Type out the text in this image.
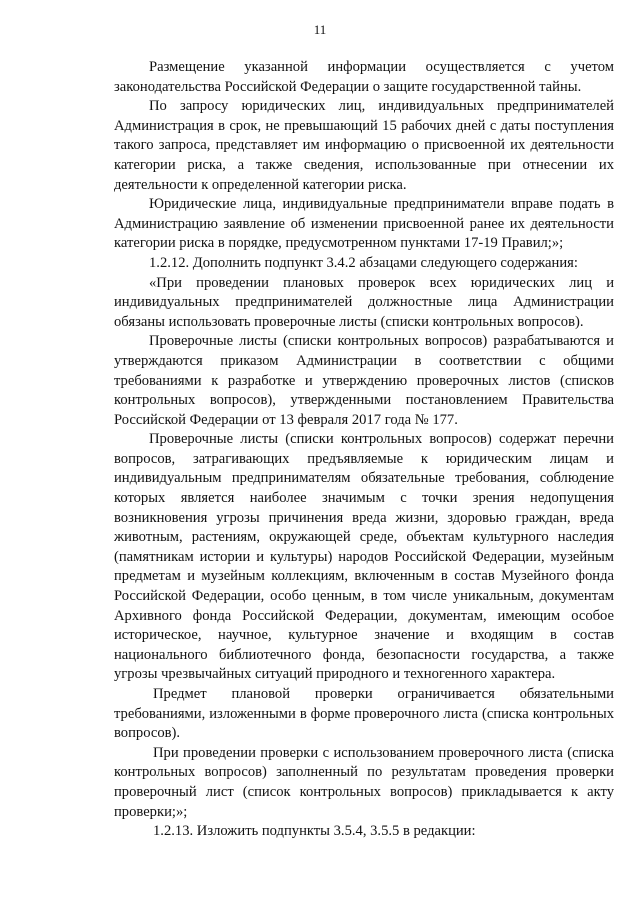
11

Размещение указанной информации осуществляется с учетом законодательства Российской Федерации о защите государственной тайны.

По запросу юридических лиц, индивидуальных предпринимателей Администрация в срок, не превышающий 15 рабочих дней с даты поступления такого запроса, представляет им информацию о присвоенной их деятельности категории риска, а также сведения, использованные при отнесении их деятельности к определенной категории риска.

Юридические лица, индивидуальные предприниматели вправе подать в Администрацию заявление об изменении присвоенной ранее их деятельности категории риска в порядке, предусмотренном пунктами 17-19 Правил;»;

1.2.12. Дополнить подпункт 3.4.2 абзацами следующего содержания:

«При проведении плановых проверок всех юридических лиц и индивидуальных предпринимателей должностные лица Администрации обязаны использовать проверочные листы (списки контрольных вопросов).

Проверочные листы (списки контрольных вопросов) разрабатываются и утверждаются приказом Администрации в соответствии с общими требованиями к разработке и утверждению проверочных листов (списков контрольных вопросов), утвержденными постановлением Правительства Российской Федерации от 13 февраля 2017 года № 177.

Проверочные листы (списки контрольных вопросов) содержат перечни вопросов, затрагивающих предъявляемые к юридическим лицам и индивидуальным предпринимателям обязательные требования, соблюдение которых является наиболее значимым с точки зрения недопущения возникновения угрозы причинения вреда жизни, здоровью граждан, вреда животным, растениям, окружающей среде, объектам культурного наследия (памятникам истории и культуры) народов Российской Федерации, музейным предметам и музейным коллекциям, включенным в состав Музейного фонда Российской Федерации, особо ценным, в том числе уникальным, документам Архивного фонда Российской Федерации, документам, имеющим особое историческое, научное, культурное значение и входящим в состав национального библиотечного фонда, безопасности государства, а также угрозы чрезвычайных ситуаций природного и техногенного характера.

Предмет плановой проверки ограничивается обязательными требованиями, изложенными в форме проверочного листа (списка контрольных вопросов).

При проведении проверки с использованием проверочного листа (списка контрольных вопросов) заполненный по результатам проведения проверки проверочный лист (список контрольных вопросов) прикладывается к акту проверки;»;

1.2.13. Изложить подпункты 3.5.4, 3.5.5 в редакции:
